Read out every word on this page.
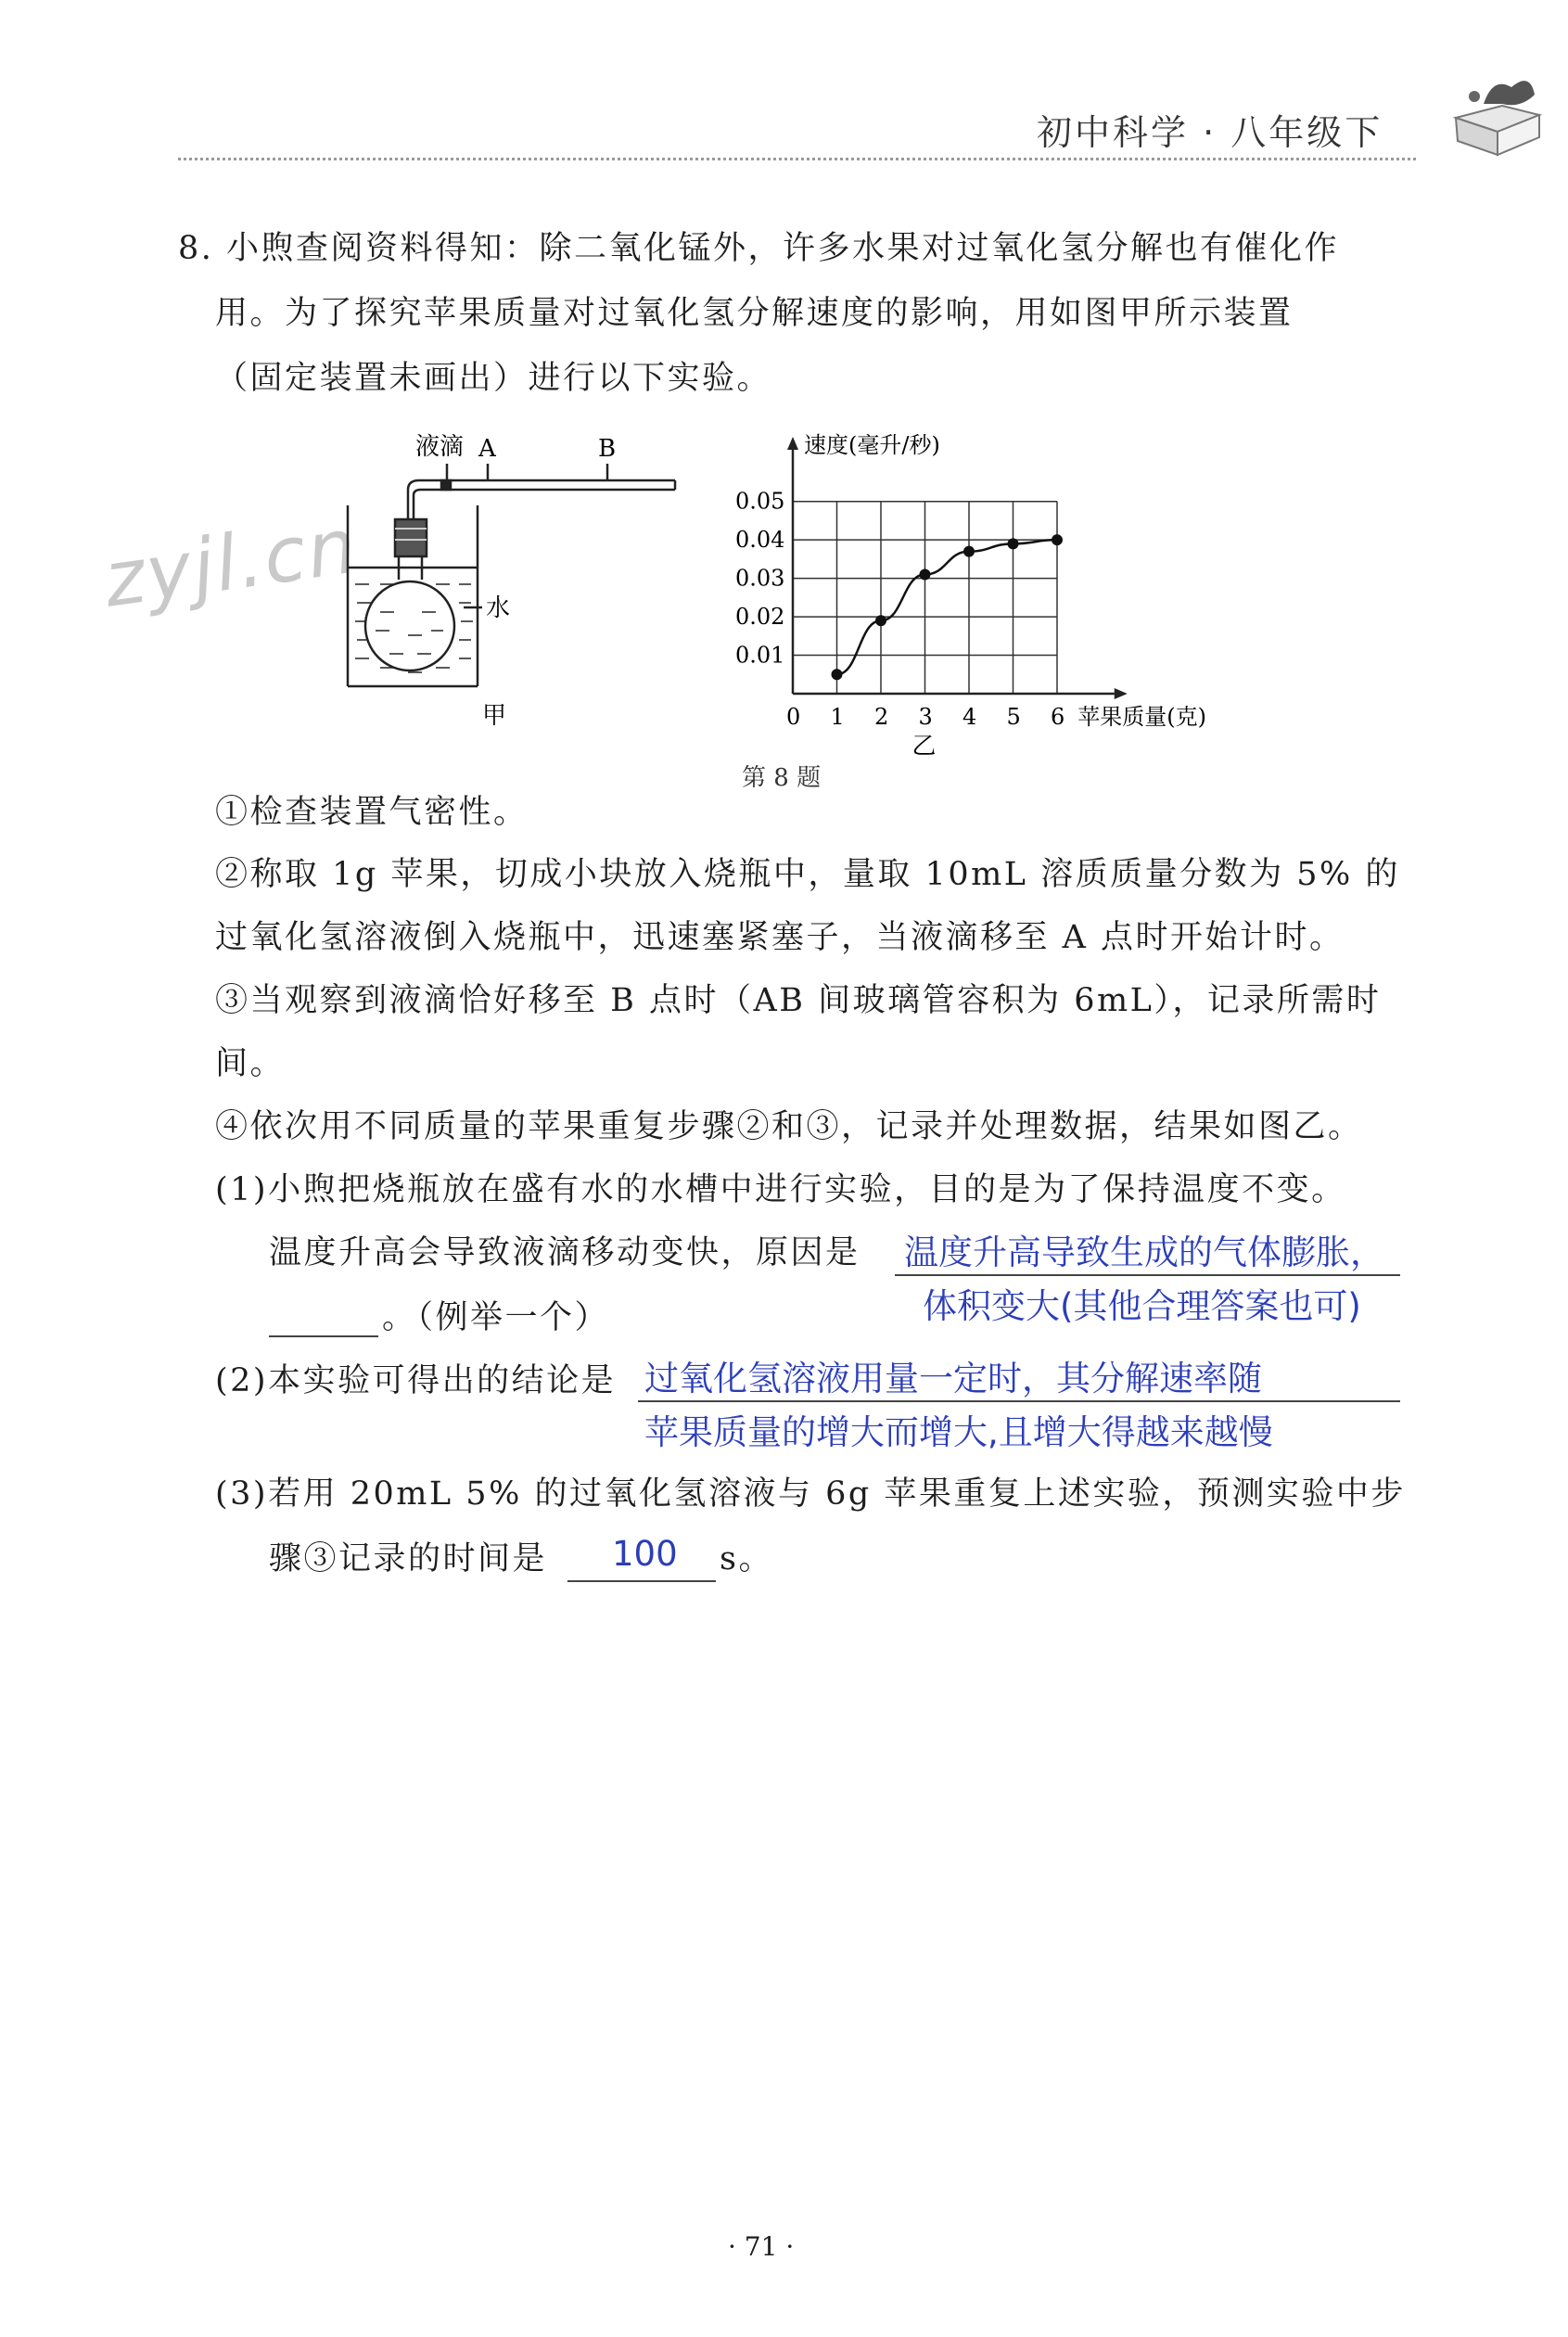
初中科学 · 八年级下
zyjl.cn
8. 小煦查阅资料得知：除二氧化锰外，许多水果对过氧化氢分解也有催化作
用。为了探究苹果质量对过氧化氢分解速度的影响，用如图甲所示装置
（固定装置未画出）进行以下实验。
液滴 A	B
水
甲	0 1 2 3 4 5 6
0.01
0.02
0.03
0.04
0.05
速度(毫升/秒)
苹果质量(克)
乙
第 8 题
①检查装置气密性。
②称取 1g 苹果，切成小块放入烧瓶中，量取 10mL 溶质质量分数为 5% 的
过氧化氢溶液倒入烧瓶中，迅速塞紧塞子，当液滴移至 A 点时开始计时。
③当观察到液滴恰好移至 B 点时（AB 间玻璃管容积为 6mL），记录所需时
间。
④依次用不同质量的苹果重复步骤②和③，记录并处理数据，结果如图乙。
(1)小煦把烧瓶放在盛有水的水槽中进行实验，目的是为了保持温度不变。
温度升高会导致液滴移动变快，原因是 温度升高导致生成的气体膨胀，
体积变大(其他合理答案也可)
。（例举一个）
(2)本实验可得出的结论是 过氧化氢溶液用量一定时，其分解速率随
苹果质量的增大而增大,且增大得越来越慢
(3)若用 20mL 5% 的过氧化氢溶液与 6g 苹果重复上述实验，预测实验中步
骤③记录的时间是 100 s。
· 71 ·
